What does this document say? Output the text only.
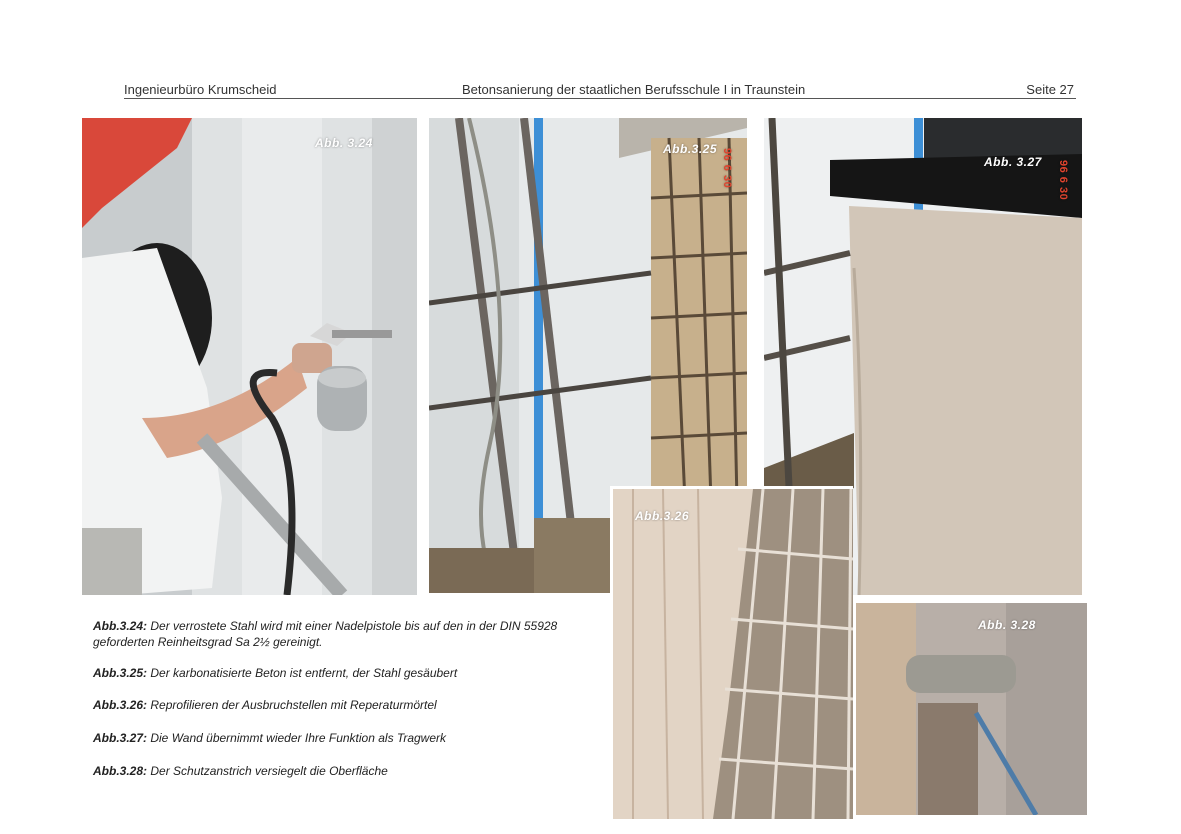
Ingenieurbüro Krumscheid	Betonsanierung der staatlichen Berufsschule I in Traunstein	Seite 27
Abb. 3.24	Abb.3.25 96 6 30	Abb. 3.27 96 6 30
Abb.3.26
Abb. 3.28
Abb.3.24: Der verrostete Stahl wird mit einer Nadelpistole bis auf den in der DIN 55928 geforderten Reinheitsgrad Sa 2½ gereinigt.
Abb.3.25: Der karbonatisierte Beton ist entfernt, der Stahl gesäubert
Abb.3.26: Reprofilieren der Ausbruchstellen mit Reperaturmörtel
Abb.3.27: Die Wand übernimmt wieder Ihre Funktion als Tragwerk
Abb.3.28: Der Schutzanstrich versiegelt die Oberfläche
